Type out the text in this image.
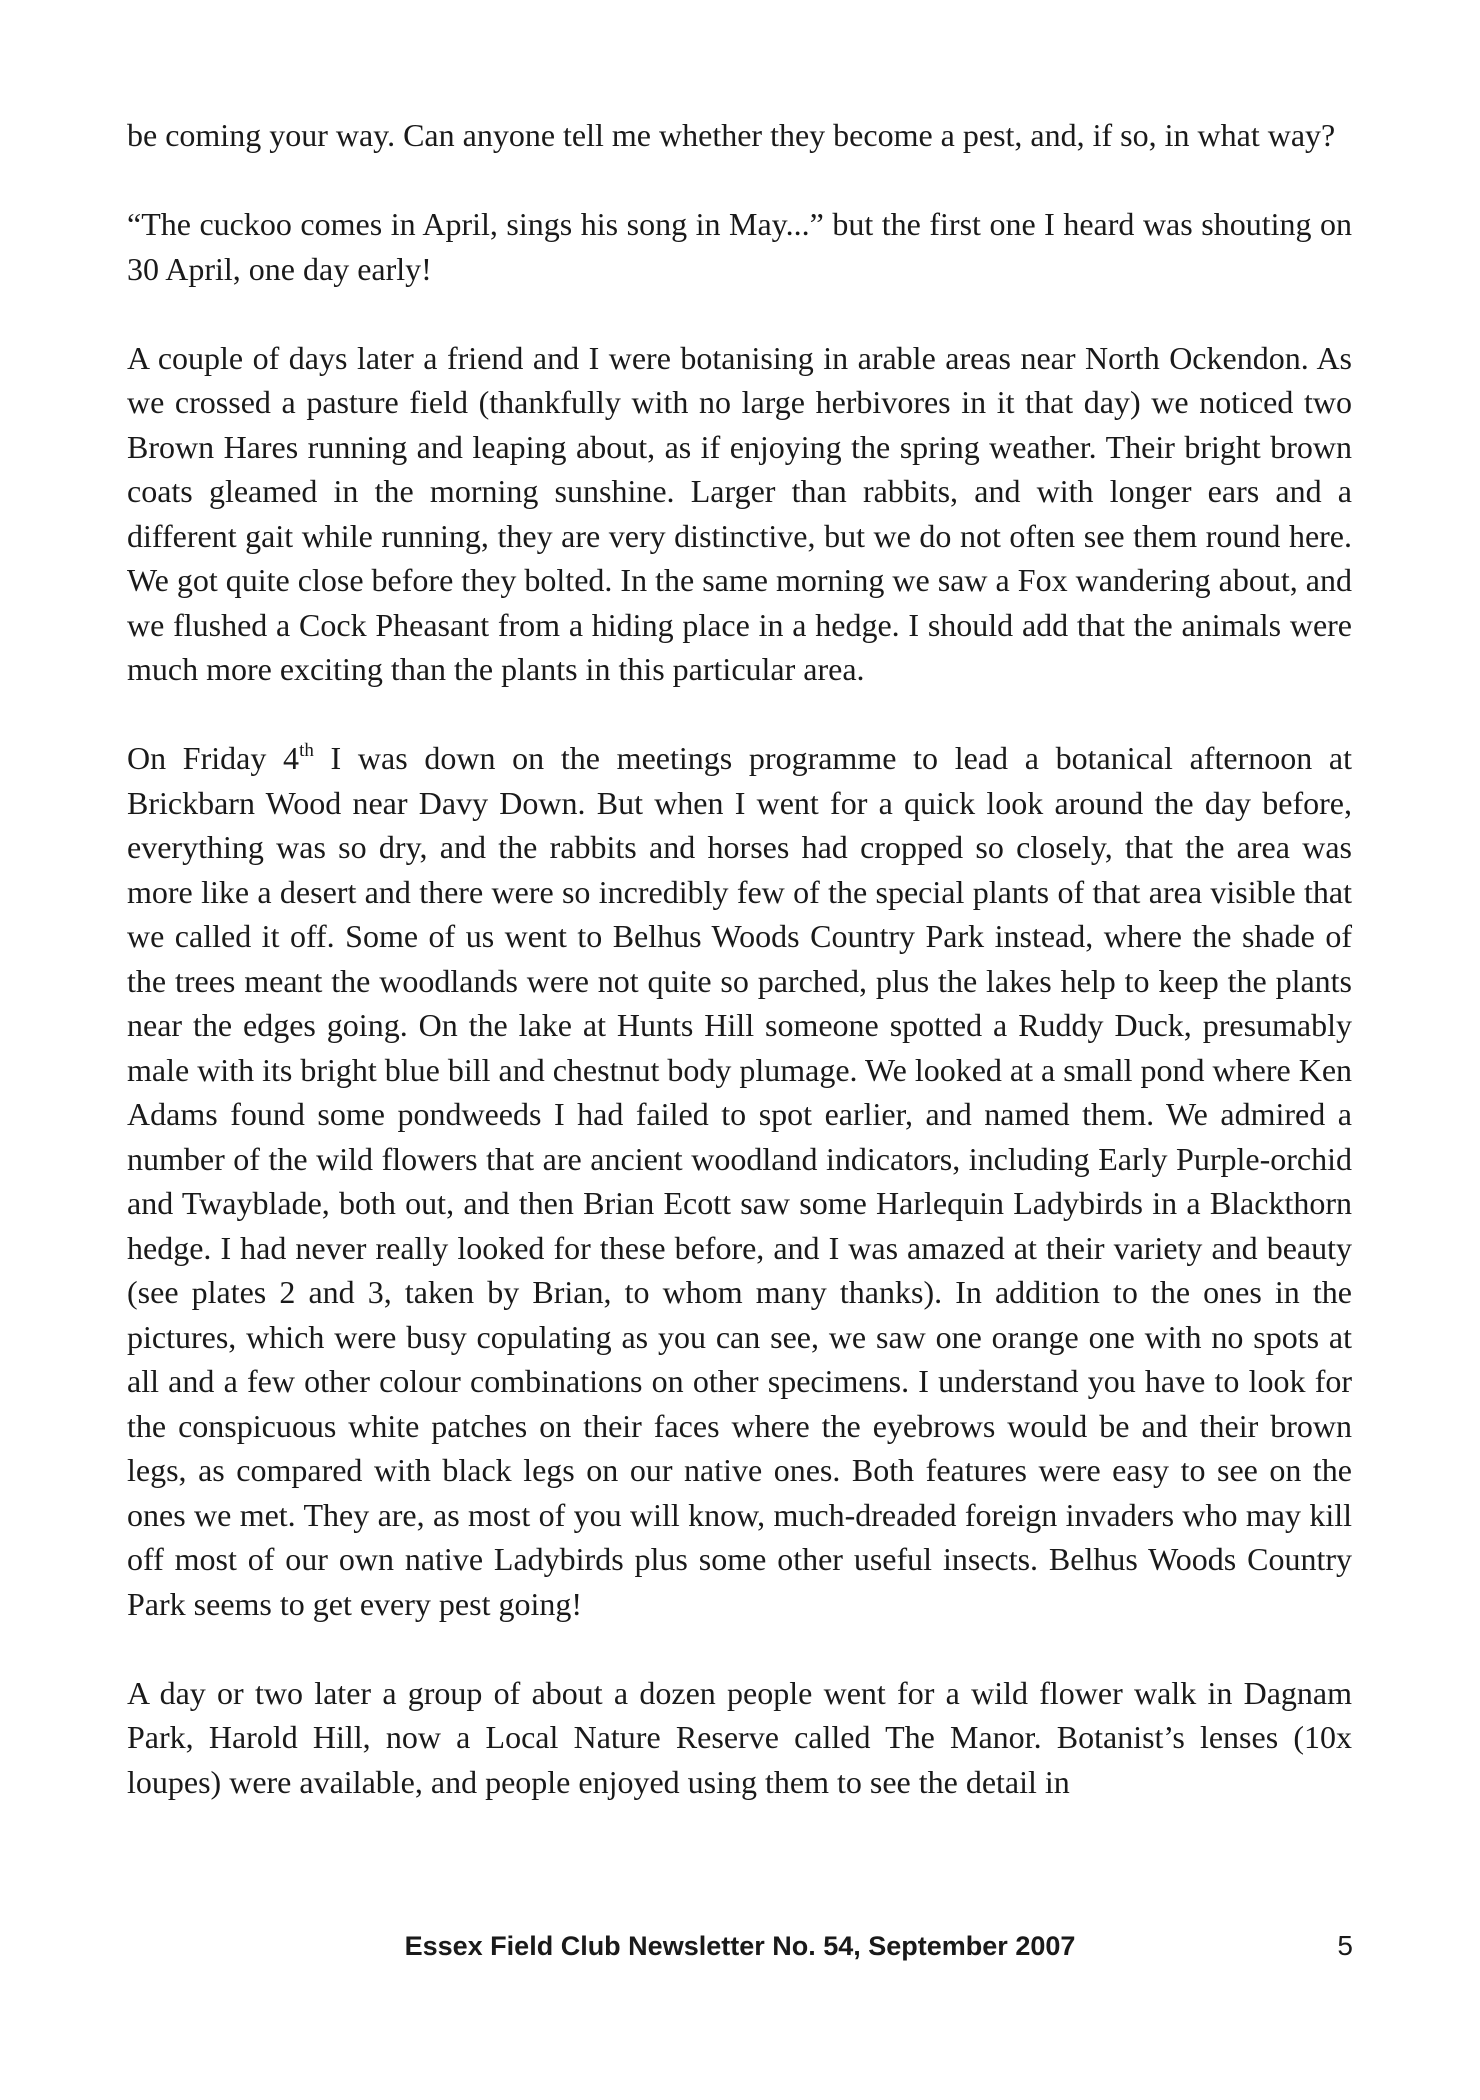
be coming your way. Can anyone tell me whether they become a pest, and, if so, in what way?

“The cuckoo comes in April, sings his song in May...” but the first one I heard was shouting on 30 April, one day early!

A couple of days later a friend and I were botanising in arable areas near North Ockendon. As we crossed a pasture field (thankfully with no large herbivores in it that day) we noticed two Brown Hares running and leaping about, as if enjoying the spring weather. Their bright brown coats gleamed in the morning sunshine. Larger than rabbits, and with longer ears and a different gait while running, they are very distinctive, but we do not often see them round here. We got quite close before they bolted. In the same morning we saw a Fox wandering about, and we flushed a Cock Pheasant from a hiding place in a hedge. I should add that the animals were much more exciting than the plants in this particular area.

On Friday 4th I was down on the meetings programme to lead a botanical afternoon at Brickbarn Wood near Davy Down. But when I went for a quick look around the day before, everything was so dry, and the rabbits and horses had cropped so closely, that the area was more like a desert and there were so incredibly few of the special plants of that area visible that we called it off. Some of us went to Belhus Woods Country Park instead, where the shade of the trees meant the woodlands were not quite so parched, plus the lakes help to keep the plants near the edges going. On the lake at Hunts Hill someone spotted a Ruddy Duck, presumably male with its bright blue bill and chestnut body plumage. We looked at a small pond where Ken Adams found some pondweeds I had failed to spot earlier, and named them. We admired a number of the wild flowers that are ancient woodland indicators, including Early Purple-orchid and Twayblade, both out, and then Brian Ecott saw some Harlequin Ladybirds in a Blackthorn hedge. I had never really looked for these before, and I was amazed at their variety and beauty (see plates 2 and 3, taken by Brian, to whom many thanks). In addition to the ones in the pictures, which were busy copulating as you can see, we saw one orange one with no spots at all and a few other colour combinations on other specimens. I understand you have to look for the conspicuous white patches on their faces where the eyebrows would be and their brown legs, as compared with black legs on our native ones. Both features were easy to see on the ones we met. They are, as most of you will know, much-dreaded foreign invaders who may kill off most of our own native Ladybirds plus some other useful insects. Belhus Woods Country Park seems to get every pest going!

A day or two later a group of about a dozen people went for a wild flower walk in Dagnam Park, Harold Hill, now a Local Nature Reserve called The Manor. Botanist’s lenses (10x loupes) were available, and people enjoyed using them to see the detail in

Essex Field Club Newsletter No. 54, September 2007	5
